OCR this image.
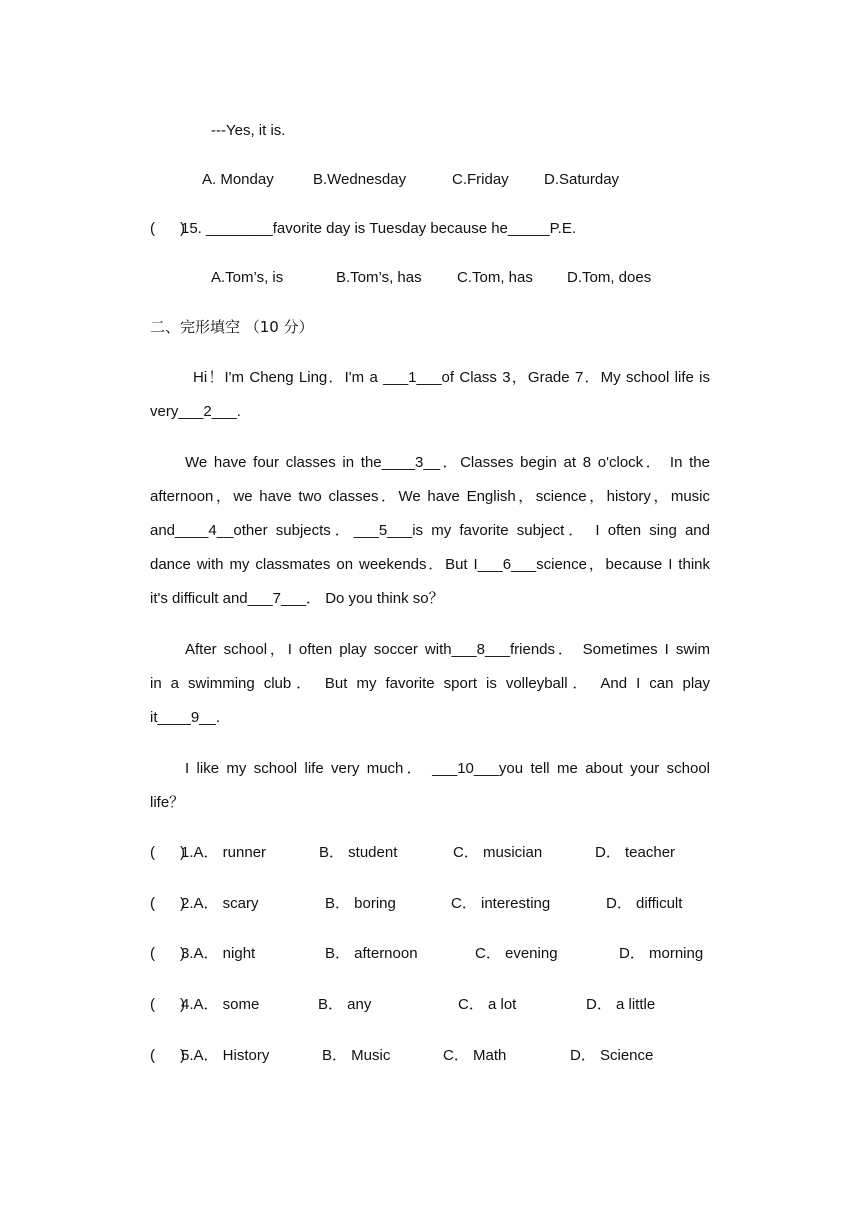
---Yes, it is.

A. Monday

	B.Wednesday

	C.Friday

D.Saturday

(      )

15. ________favorite day is Tuesday because he_____P.E.

A.Tom’s, is

	B.Tom’s, has

C.Tom, has

D.Tom, does

二、完形填空 （10 分）
Hi！I'm Cheng Ling．I'm a ___1___of Class 3，Grade 7．My school life is
very___2___.
We have four classes in the____3__．Classes begin at 8 o'clock． In the
afternoon，we have two classes．We have English，science，history，music
and____4__other subjects．___5___is my favorite subject． I often sing and
dance with my classmates on weekends．But I___6___science，because I think
it's difficult and___7___． Do you think so？
After school，I often play soccer with___8___friends． Sometimes I swim
in a swimming club． But my favorite sport is volleyball． And I can play
it____9__.
I like my school life very much． ___10___you tell me about your school
life？

(      )

1.A． runner

	B． student

	C． musician

	D． teacher

(      )

2.A． scary

	B． boring

	C． interesting

	D． difficult

(      )

3.A． night

	B． afternoon

	C． evening

	D． morning

(      )

4.A． some

	B． any

	C． a lot

	D． a little

(      )

5.A． History

	B． Music

	C． Math

	D． Science
